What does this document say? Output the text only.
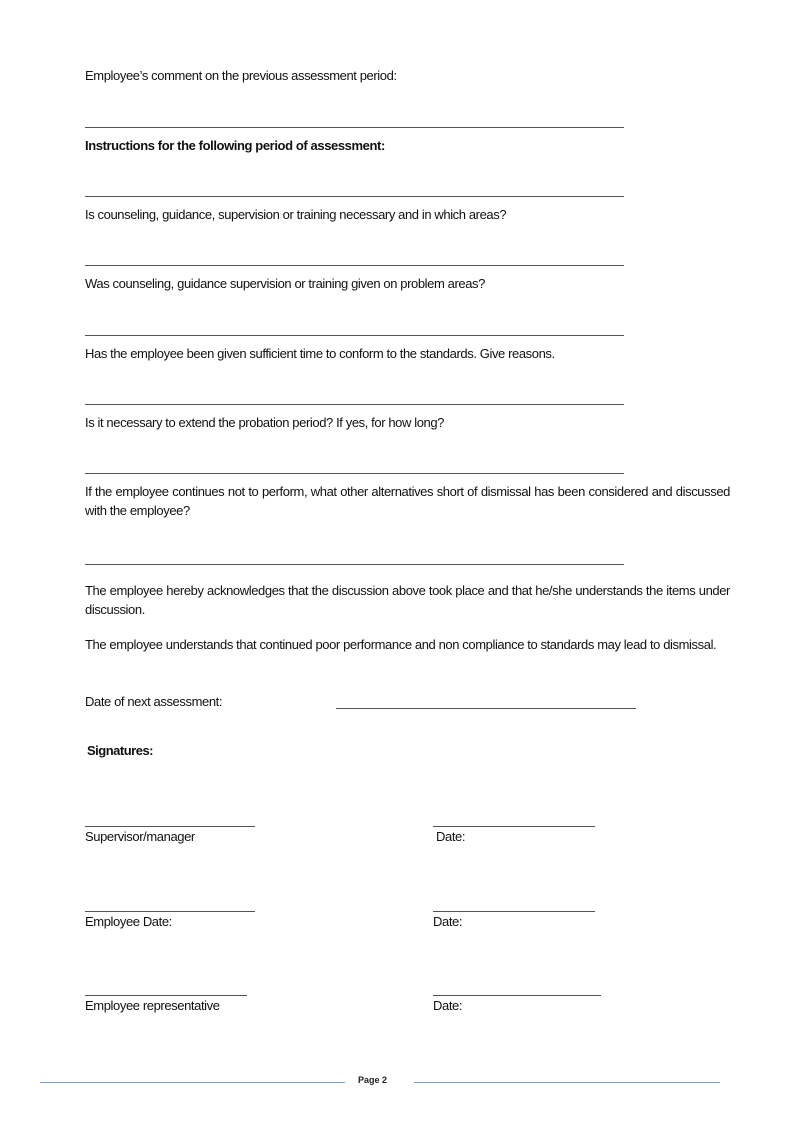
Employee’s comment on the previous assessment period:

Instructions for the following period of assessment:

Is counseling, guidance, supervision or training necessary and in which areas?

Was counseling, guidance supervision or training given on problem areas?

Has the employee been given sufficient time to conform to the standards. Give reasons.

Is it necessary to extend the probation period? If yes, for how long?

If the employee continues not to perform, what other alternatives short of dismissal has been considered and discussed with the employee?

The employee hereby acknowledges that the discussion above took place and that he/she understands the items under discussion.

The employee understands that continued poor performance and non compliance to standards may lead to dismissal.

Date of next assessment:

Signatures:
Supervisor/manager	Date:
Employee Date:	Date:
Employee representative	Date:
Page 2
